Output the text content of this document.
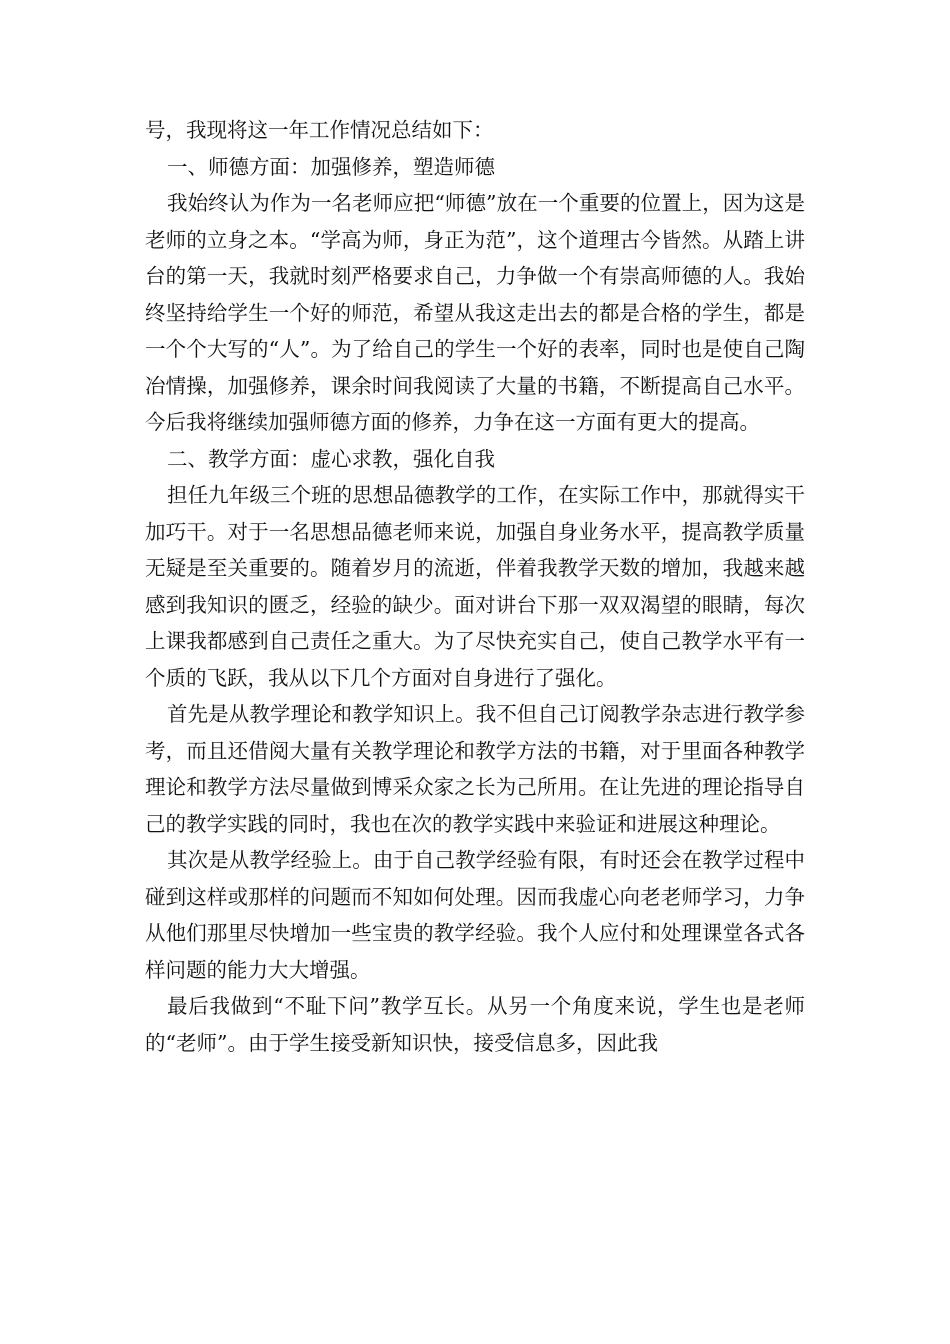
号，我现将这一年工作情况总结如下：

一、师德方面：加强修养，塑造师德

我始终认为作为一名老师应把“师德”放在一个重要的位置上，因为这是老师的立身之本。“学高为师，身正为范”，这个道理古今皆然。从踏上讲台的第一天，我就时刻严格要求自己，力争做一个有崇高师德的人。我始终坚持给学生一个好的师范，希望从我这走出去的都是合格的学生，都是一个个大写的“人”。为了给自己的学生一个好的表率，同时也是使自己陶冶情操，加强修养，课余时间我阅读了大量的书籍，不断提高自己水平。今后我将继续加强师德方面的修养，力争在这一方面有更大的提高。

二、教学方面：虚心求教，强化自我

担任九年级三个班的思想品德教学的工作，在实际工作中，那就得实干加巧干。对于一名思想品德老师来说，加强自身业务水平，提高教学质量无疑是至关重要的。随着岁月的流逝，伴着我教学天数的增加，我越来越感到我知识的匮乏，经验的缺少。面对讲台下那一双双渴望的眼睛，每次上课我都感到自己责任之重大。为了尽快充实自己，使自己教学水平有一个质的飞跃，我从以下几个方面对自身进行了强化。

首先是从教学理论和教学知识上。我不但自己订阅教学杂志进行教学参考，而且还借阅大量有关教学理论和教学方法的书籍，对于里面各种教学理论和教学方法尽量做到博采众家之长为己所用。在让先进的理论指导自己的教学实践的同时，我也在次的教学实践中来验证和进展这种理论。

其次是从教学经验上。由于自己教学经验有限，有时还会在教学过程中碰到这样或那样的问题而不知如何处理。因而我虚心向老老师学习，力争从他们那里尽快增加一些宝贵的教学经验。我个人应付和处理课堂各式各样问题的能力大大增强。

最后我做到“不耻下问”教学互长。从另一个角度来说，学生也是老师的“老师”。由于学生接受新知识快，接受信息多，因此我
